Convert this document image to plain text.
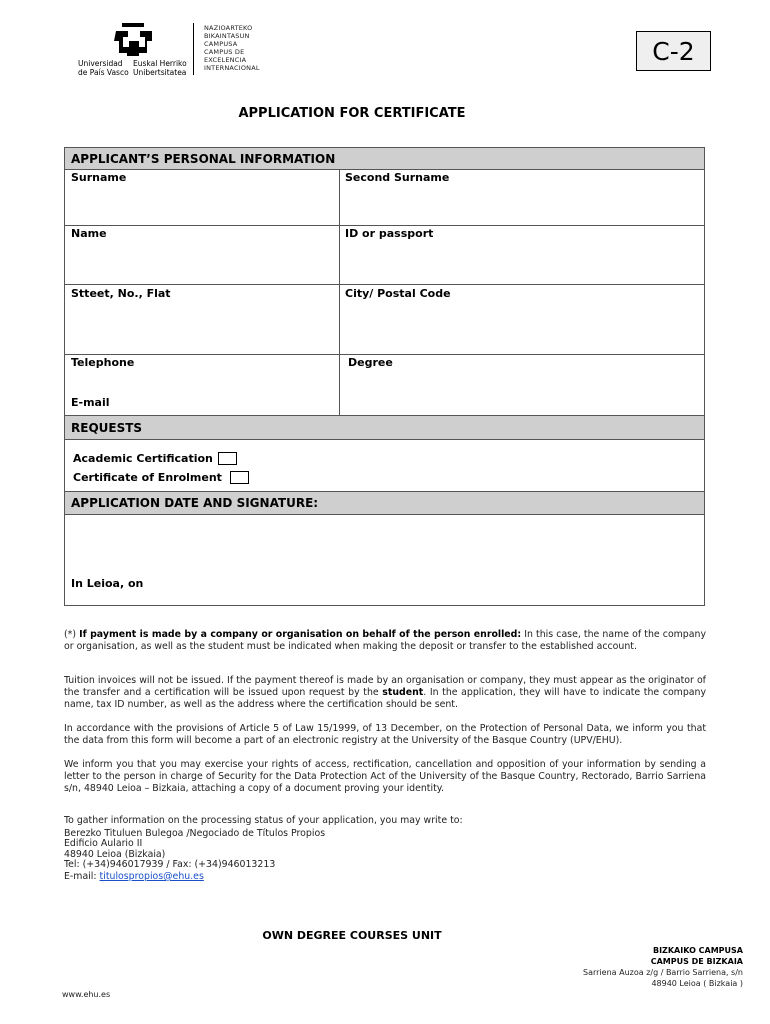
Universidad
de País Vasco
Euskal Herriko
Unibertsitatea
NAZIOARTEKO
BIKAINTASUN
CAMPUSA
CAMPUS DE
EXCELENCIA
INTERNACIONAL
C-2
APPLICATION FOR CERTIFICATE
APPLICANT’S PERSONAL INFORMATION
Surname	Second Surname
Name	ID or passport
Stteet, No., Flat	City/ Postal Code
Telephone	Degree
E-mail
REQUESTS
Academic Certification
Certificate of Enrolment
APPLICATION DATE AND SIGNATURE:
In Leioa, on
(*) If payment is made by a company or organisation on behalf of the person enrolled: In this case, the name of the company or organisation, as well as the student must be indicated when making the deposit or transfer to the established account.
Tuition invoices will not be issued. If the payment thereof is made by an organisation or company, they must appear as the originator of the transfer and a certification will be issued upon request by the student. In the application, they will have to indicate the company name, tax ID number, as well as the address where the certification should be sent.
In accordance with the provisions of Article 5 of Law 15/1999, of 13 December, on the Protection of Personal Data, we inform you that the data from this form will become a part of an electronic registry at the University of the Basque Country (UPV/EHU).
We inform you that you may exercise your rights of access, rectification, cancellation and opposition of your information by sending a letter to the person in charge of Security for the Data Protection Act of the University of the Basque Country, Rectorado, Barrio Sarriena s/n, 48940 Leioa – Bizkaia, attaching a copy of a document proving your identity.
To gather information on the processing status of your application, you may write to:
Berezko Tituluen Bulegoa /Negociado de Títulos Propios
Edificio Aulario II
48940 Leioa (Bizkaia)
Tel: (+34)946017939 / Fax: (+34)946013213
E-mail: titulospropios@ehu.es
OWN DEGREE COURSES UNIT
BIZKAIKO CAMPUSA
CAMPUS DE BIZKAIA
Sarriena Auzoa z/g / Barrio Sarriena, s/n
48940 Leioa ( Bizkaia )
www.ehu.es
